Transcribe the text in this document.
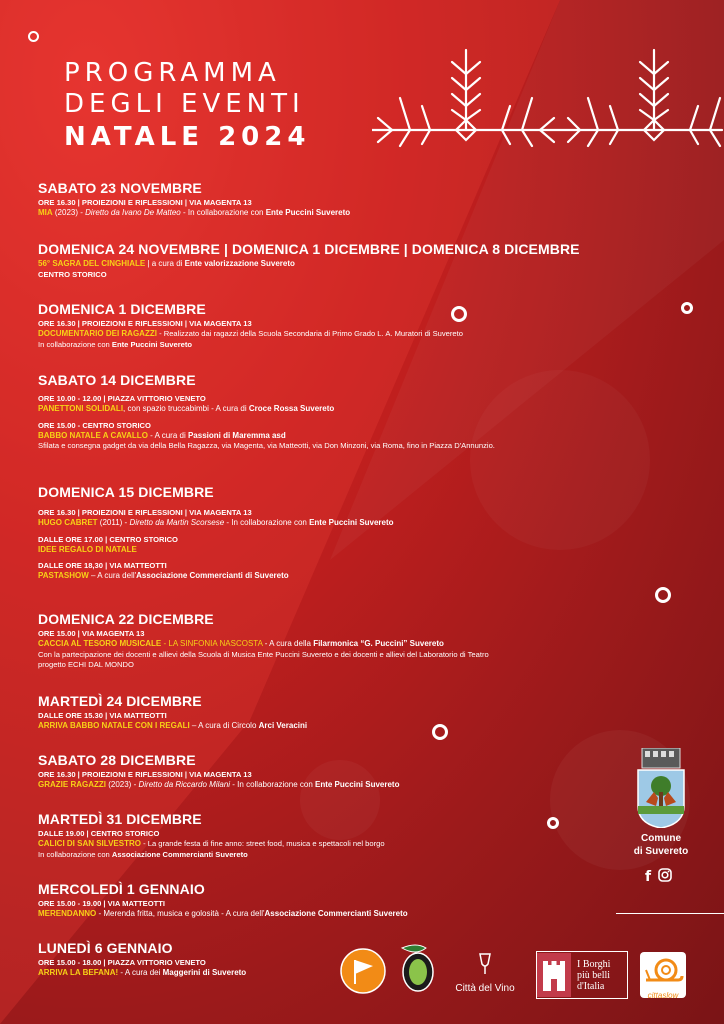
PROGRAMMA
DEGLI EVENTI
NATALE 2024
SABATO 23 NOVEMBRE
ORE 16.30 | PROIEZIONI E RIFLESSIONI | VIA MAGENTA 13
MIA (2023) - Diretto da Ivano De Matteo - In collaborazione con Ente Puccini Suvereto
DOMENICA 24 NOVEMBRE | DOMENICA 1 DICEMBRE | DOMENICA 8 DICEMBRE
56° SAGRA DEL CINGHIALE | a cura di Ente valorizzazione Suvereto
CENTRO STORICO
DOMENICA 1 DICEMBRE
ORE 16.30 | PROIEZIONI E RIFLESSIONI | VIA MAGENTA 13
DOCUMENTARIO DEI RAGAZZI - Realizzato dai ragazzi della Scuola Secondaria di Primo Grado L. A. Muratori di Suvereto
In collaborazione con Ente Puccini Suvereto
SABATO 14 DICEMBRE
ORE 10.00 - 12.00 | PIAZZA VITTORIO VENETO
PANETTONI SOLIDALI, con spazio truccabimbi - A cura di Croce Rossa Suvereto
ORE 15.00 - CENTRO STORICO
BABBO NATALE A CAVALLO - A cura di Passioni di Maremma asd
Sfilata e consegna gadget da via della Bella Ragazza, via Magenta, via Matteotti, via Don Minzoni, via Roma, fino in Piazza D'Annunzio.
DOMENICA 15 DICEMBRE
ORE 16.30 | PROIEZIONI E RIFLESSIONI | VIA MAGENTA 13
HUGO CABRET (2011) - Diretto da Martin Scorsese - In collaborazione con Ente Puccini Suvereto
DALLE ORE 17.00 | CENTRO STORICO
IDEE REGALO DI NATALE
DALLE ORE 18,30 | VIA MATTEOTTI
PASTASHOW – A cura dell'Associazione Commercianti di Suvereto
DOMENICA 22 DICEMBRE
ORE 15.00 | VIA MAGENTA 13
CACCIA AL TESORO MUSICALE - LA SINFONIA NASCOSTA - A cura della Filarmonica “G. Puccini” Suvereto
Con la partecipazione dei docenti e allievi della Scuola di Musica Ente Puccini Suvereto e dei docenti e allievi del Laboratorio di Teatro
progetto ECHI DAL MONDO
MARTEDÌ 24 DICEMBRE
DALLE ORE 15.30 | VIA MATTEOTTI
ARRIVA BABBO NATALE CON I REGALI – A cura di Circolo Arci Veracini
SABATO 28 DICEMBRE
ORE 16.30 | PROIEZIONI E RIFLESSIONI | VIA MAGENTA 13
GRAZIE RAGAZZI (2023) - Diretto da Riccardo Milani - In collaborazione con Ente Puccini Suvereto
MARTEDÌ 31 DICEMBRE
DALLE 19.00 | CENTRO STORICO
CALICI DI SAN SILVESTRO - La grande festa di fine anno: street food, musica e spettacoli nel borgo
In collaborazione con Associazione Commercianti Suvereto
MERCOLEDÌ 1 GENNAIO
ORE 15.00 - 19.00 | VIA MATTEOTTI
MERENDANNO - Merenda fritta, musica e golosità - A cura dell'Associazione Commercianti Suvereto
LUNEDÌ 6 GENNAIO
ORE 15.00 - 18.00 | PIAZZA VITTORIO VENETO
ARRIVA LA BEFANA! - A cura dei Maggerini di Suvereto
Comune
di Suvereto
f
Città del Vino
I Borghi
più belli
d'Italia
cittaslow
